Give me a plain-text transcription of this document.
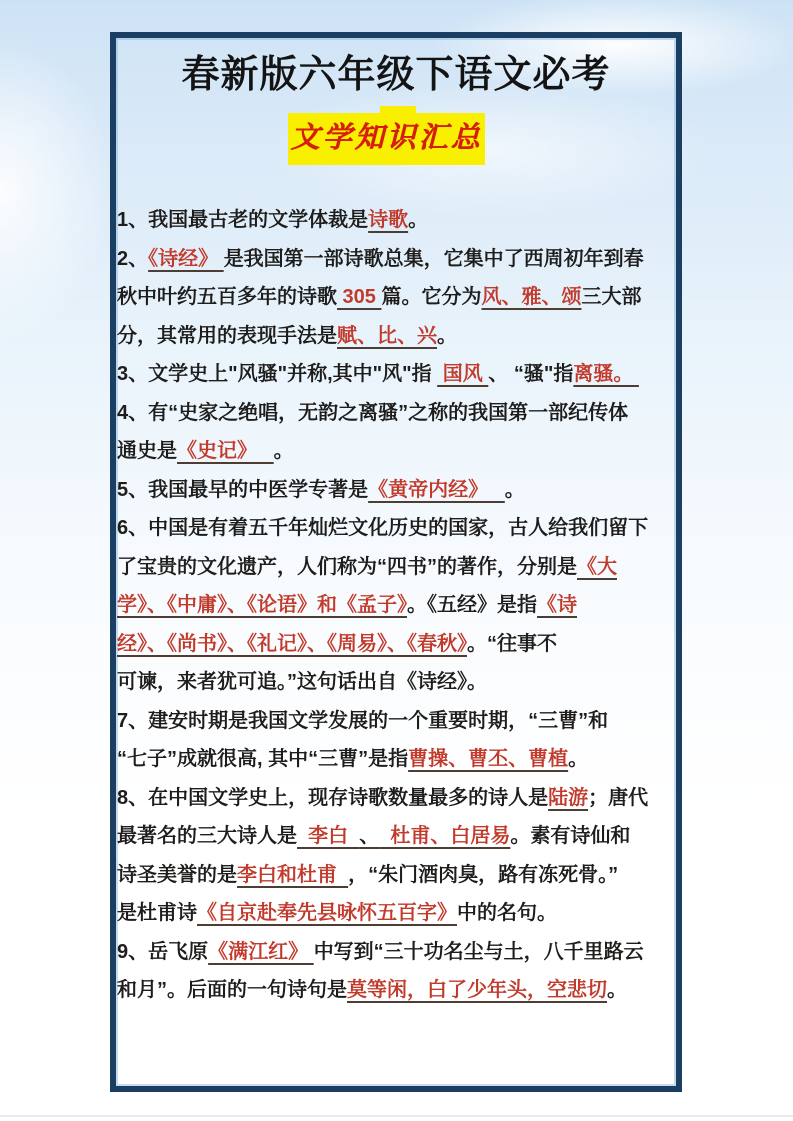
春新版六年级下语文必考
文学知识汇总
1、我国最古老的文学体裁是诗歌。
2、《诗经》 是我国第一部诗歌总集，它集中了西周初年到春
秋中叶约五百多年的诗歌 305 篇。它分为风、雅、颂三大部
分，其常用的表现手法是赋、比、兴。
3、文学史上"风骚"并称,其中"风"指  国风 、 “骚"指离骚。
4、有“史家之绝唱，无韵之离骚”之称的我国第一部纪传体
通史是《史记》   。
5、我国最早的中医学专著是《黄帝内经》   。
6、中国是有着五千年灿烂文化历史的国家，古人给我们留下
了宝贵的文化遗产，人们称为“四书”的著作，分别是《大
学》、《中庸》、《论语》和《孟子》。《五经》是指《诗
经》、《尚书》、《礼记》、《周易》、《春秋》。“往事不
可谏，来者犹可追。”这句话出自《诗经》。
7、建安时期是我国文学发展的一个重要时期，“三曹”和
“七子”成就很高, 其中“三曹”是指曹操、曹丕、曹植。
8、在中国文学史上，现存诗歌数量最多的诗人是陆游；唐代
最著名的三大诗人是  李白  、  杜甫、白居易。素有诗仙和
诗圣美誉的是李白和杜甫  ，“朱门酒肉臭，路有冻死骨。”
是杜甫诗《自京赴奉先县咏怀五百字》中的名句。
9、岳飞原《满江红》 中写到“三十功名尘与土，八千里路云
和月”。后面的一句诗句是莫等闲，白了少年头，空悲切。
